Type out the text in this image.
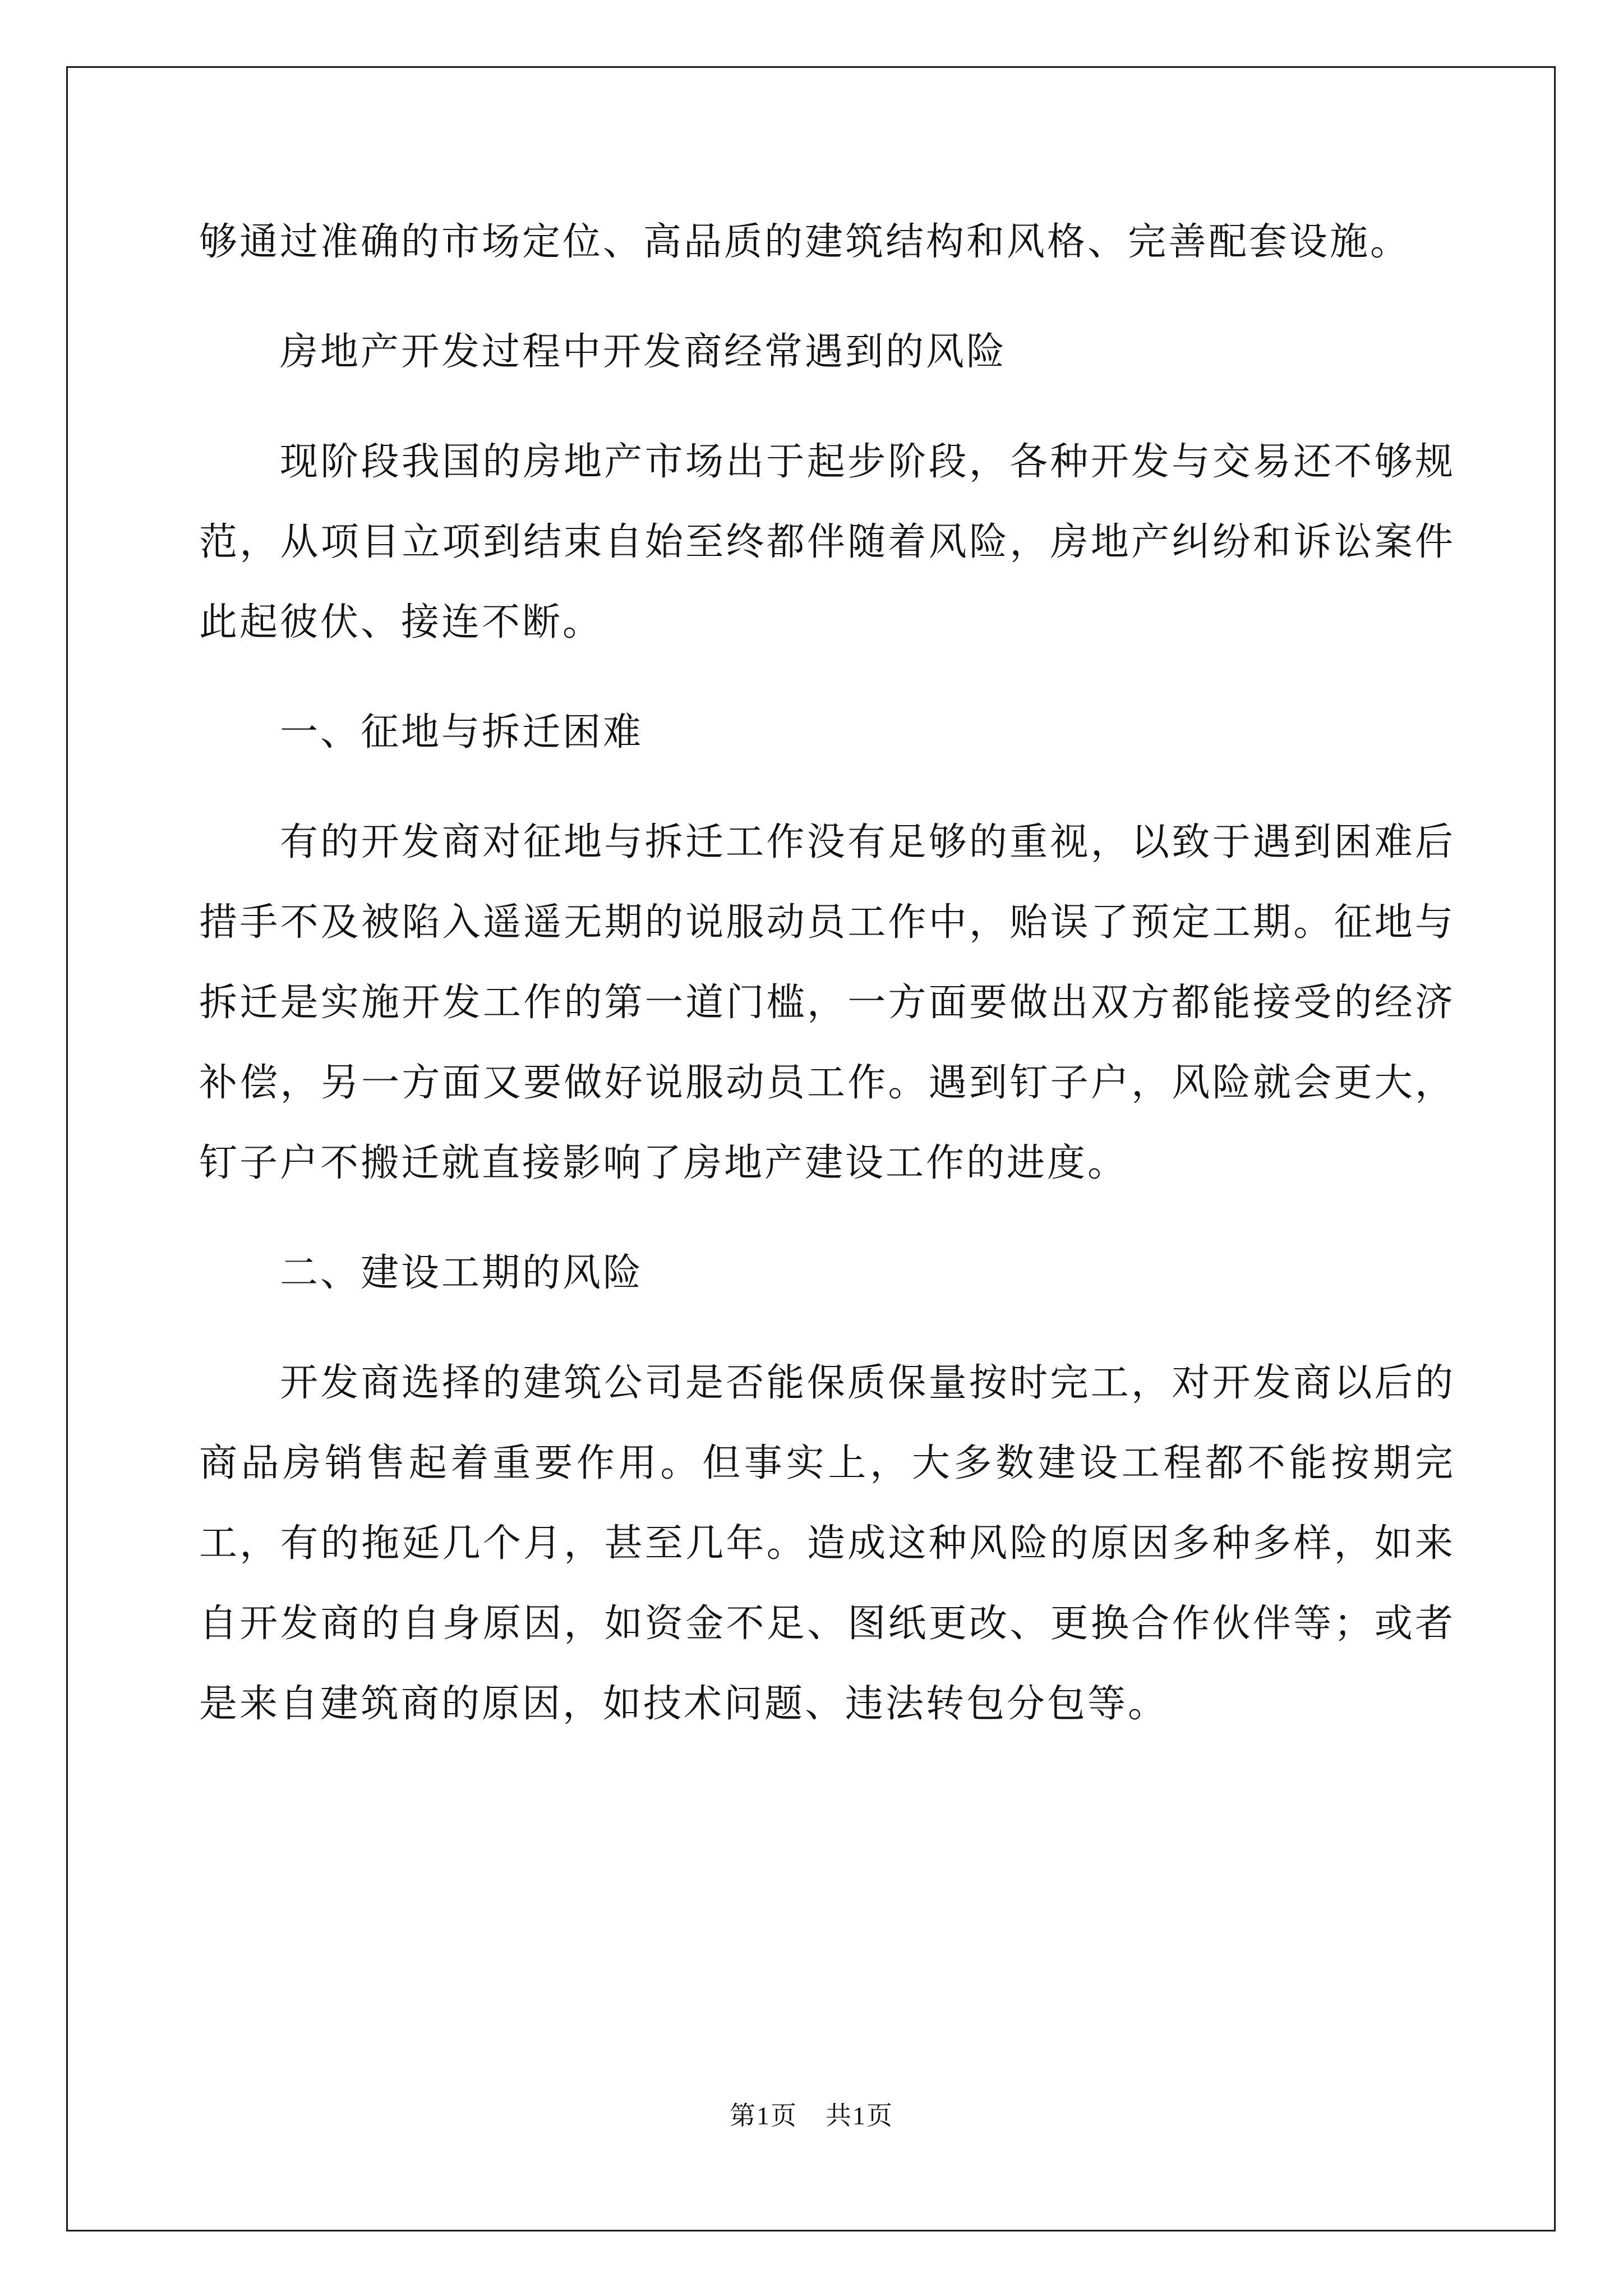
够通过准确的市场定位、高品质的建筑结构和风格、完善配套设施。

房地产开发过程中开发商经常遇到的风险

现阶段我国的房地产市场出于起步阶段，各种开发与交易还不够规范，从项目立项到结束自始至终都伴随着风险，房地产纠纷和诉讼案件此起彼伏、接连不断。

一、征地与拆迁困难

有的开发商对征地与拆迁工作没有足够的重视，以致于遇到困难后措手不及被陷入遥遥无期的说服动员工作中，贻误了预定工期。征地与拆迁是实施开发工作的第一道门槛，一方面要做出双方都能接受的经济补偿，另一方面又要做好说服动员工作。遇到钉子户，风险就会更大，钉子户不搬迁就直接影响了房地产建设工作的进度。

二、建设工期的风险

开发商选择的建筑公司是否能保质保量按时完工，对开发商以后的商品房销售起着重要作用。但事实上，大多数建设工程都不能按期完工，有的拖延几个月，甚至几年。造成这种风险的原因多种多样，如来自开发商的自身原因，如资金不足、图纸更改、更换合作伙伴等；或者是来自建筑商的原因，如技术问题、违法转包分包等。

第1页 共1页
